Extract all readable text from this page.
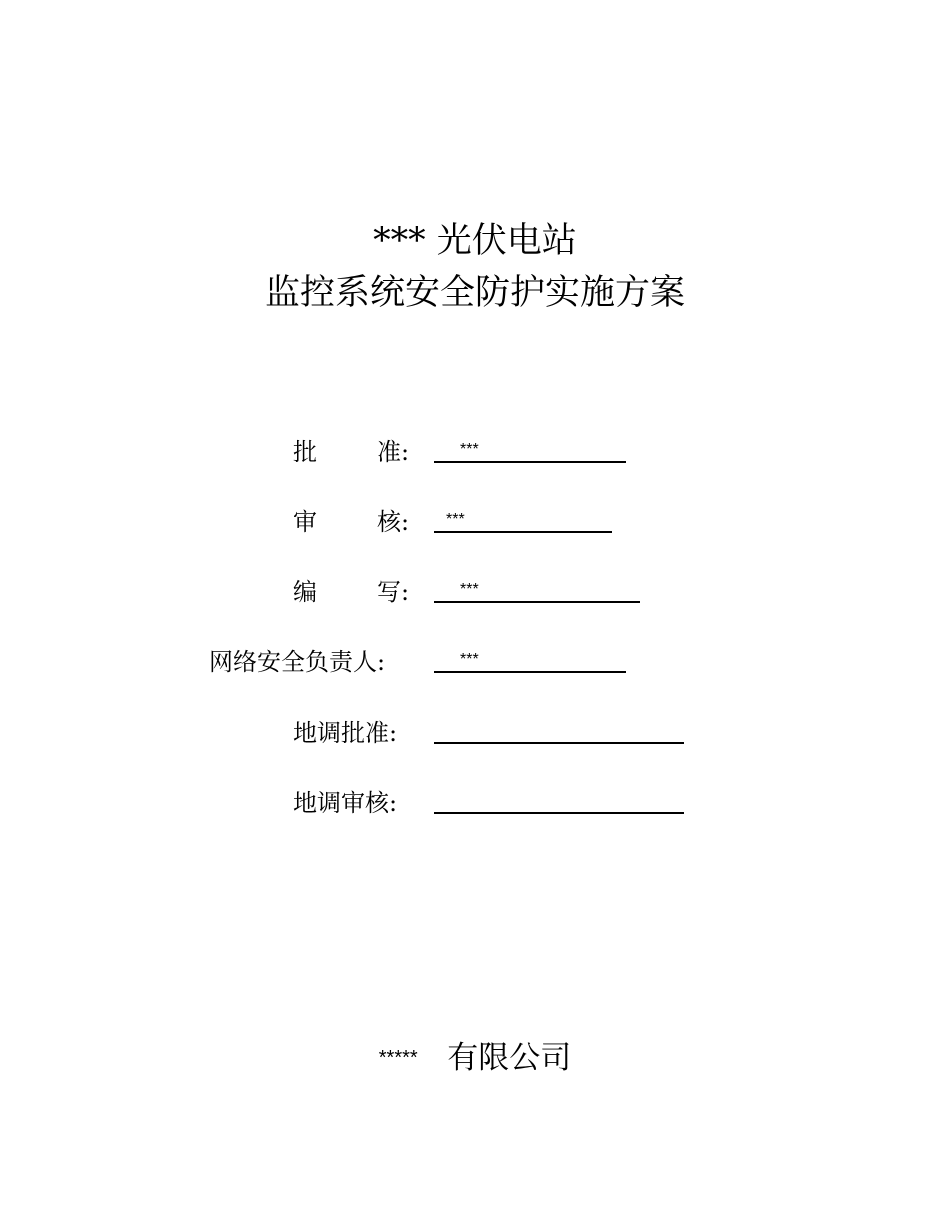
*** 光伏电站
监控系统安全防护实施方案
批	准:	***
审	核: ***
编	写:	***
网络安全负责人:	***
地调批准:
地调审核:
***** 有限公司
